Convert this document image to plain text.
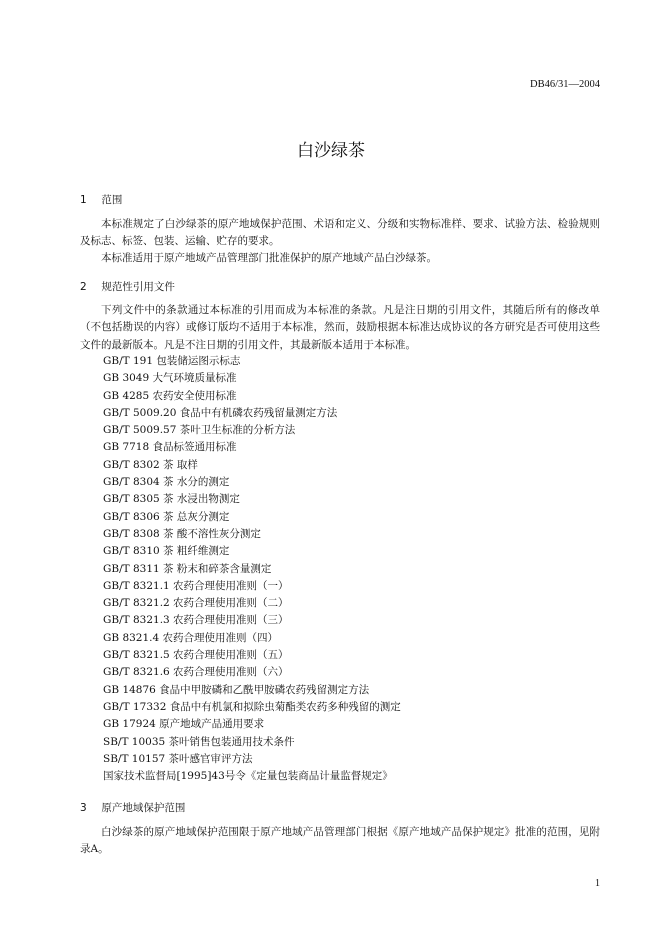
DB46/31—2004
白沙绿茶
1 范围
本标准规定了白沙绿茶的原产地域保护范围、术语和定义、分级和实物标准样、要求、试验方法、检验规则及标志、标签、包装、运输、贮存的要求。
本标准适用于原产地域产品管理部门批准保护的原产地域产品白沙绿茶。
2 规范性引用文件
下列文件中的条款通过本标准的引用而成为本标准的条款。凡是注日期的引用文件，其随后所有的修改单（不包括勘误的内容）或修订版均不适用于本标准，然而，鼓励根据本标准达成协议的各方研究是否可使用这些文件的最新版本。凡是不注日期的引用文件，其最新版本适用于本标准。
GB/T 191 包装储运图示标志
GB 3049 大气环境质量标准
GB 4285 农药安全使用标准
GB/T 5009.20 食品中有机磷农药残留量测定方法
GB/T 5009.57 茶叶卫生标准的分析方法
GB 7718 食品标签通用标准
GB/T 8302 茶 取样
GB/T 8304 茶 水分的测定
GB/T 8305 茶 水浸出物测定
GB/T 8306 茶 总灰分测定
GB/T 8308 茶 酸不溶性灰分测定
GB/T 8310 茶 粗纤维测定
GB/T 8311 茶 粉末和碎茶含量测定
GB/T 8321.1 农药合理使用准则（一）
GB/T 8321.2 农药合理使用准则（二）
GB/T 8321.3 农药合理使用准则（三）
GB 8321.4 农药合理使用准则（四）
GB/T 8321.5 农药合理使用准则（五）
GB/T 8321.6 农药合理使用准则（六）
GB 14876 食品中甲胺磷和乙酰甲胺磷农药残留测定方法
GB/T 17332 食品中有机氯和拟除虫菊酯类农药多种残留的测定
GB 17924 原产地域产品通用要求
SB/T 10035 茶叶销售包装通用技术条件
SB/T 10157 茶叶感官审评方法
国家技术监督局[1995]43号令《定量包装商品计量监督规定》
3 原产地域保护范围
白沙绿茶的原产地域保护范围限于原产地域产品管理部门根据《原产地域产品保护规定》批准的范围，见附录A。
1
